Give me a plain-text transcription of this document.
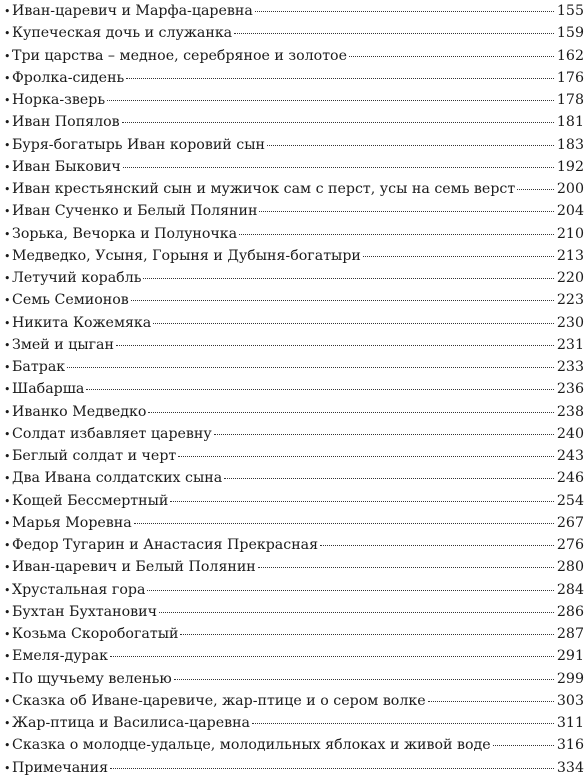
• Иван-царевич и Марфа-царевна	155
• Купеческая дочь и служанка	159
• Три царства – медное, серебряное и золотое	162
• Фролка-сидень	176
• Норка-зверь	178
• Иван Попялов	181
• Буря-богатырь Иван коровий сын	183
• Иван Быкович	192
• Иван крестьянский сын и мужичок сам с перст, усы на семь верст	200
• Иван Сученко и Белый Полянин	204
• Зорька, Вечорка и Полуночка	210
• Медведко, Усыня, Горыня и Дубыня-богатыри	213
• Летучий корабль	220
• Семь Семионов	223
• Никита Кожемяка	230
• Змей и цыган	231
• Батрак	233
• Шабарша	236
• Иванко Медведко	238
• Солдат избавляет царевну	240
• Беглый солдат и черт	243
• Два Ивана солдатских сына	246
• Кощей Бессмертный	254
• Марья Моревна	267
• Федор Тугарин и Анастасия Прекрасная	276
• Иван-царевич и Белый Полянин	280
• Хрустальная гора	284
• Бухтан Бухтанович	286
• Козьма Скоробогатый	287
• Емеля-дурак	291
• По щучьему веленью	299
• Сказка об Иване-царевиче, жар-птице и о сером волке	303
• Жар-птица и Василиса-царевна	311
• Сказка о молодце-удальце, молодильных яблоках и живой воде	316
• Примечания	334
